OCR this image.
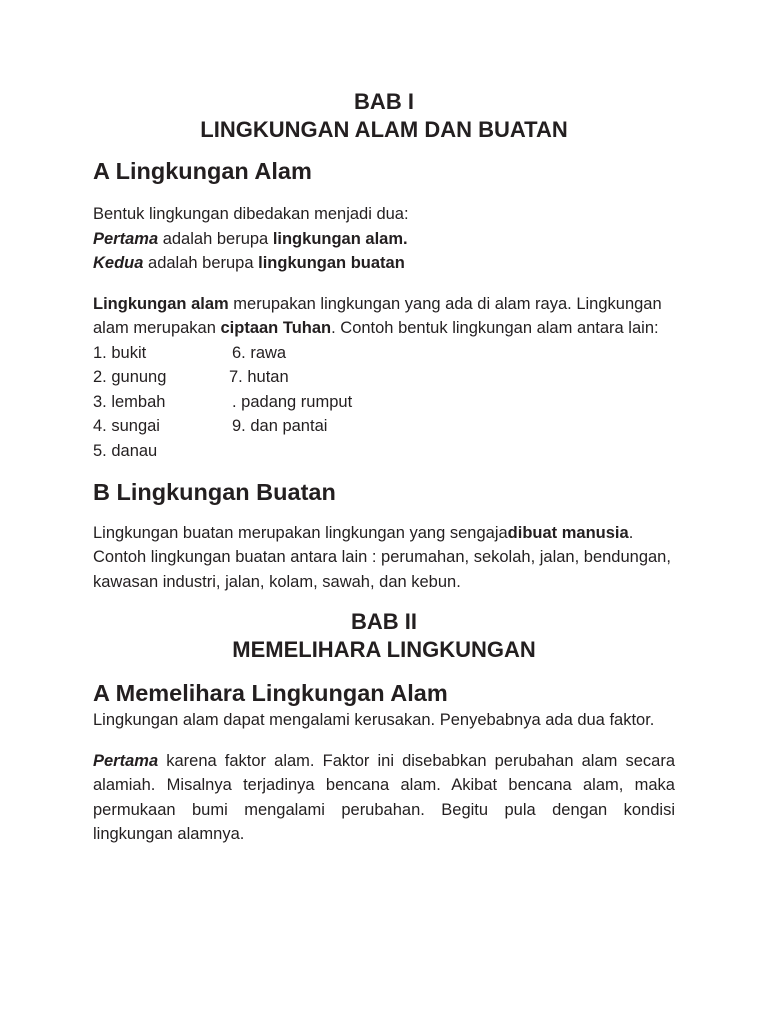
BAB I
LINGKUNGAN ALAM DAN BUATAN
A Lingkungan Alam

Bentuk lingkungan dibedakan menjadi dua:

Pertama adalah berupa lingkungan alam.

Kedua adalah berupa lingkungan buatan

Lingkungan alam merupakan lingkungan yang ada di alam raya. Lingkungan alam merupakan ciptaan Tuhan. Contoh bentuk lingkungan alam antara lain:

1. bukit
2. gunung
3. lembah
4. sungai
5. danau
6. rawa
7. hutan
. padang rumput
9. dan pantai
B Lingkungan Buatan

Lingkungan buatan merupakan lingkungan yang sengajadibuat manusia.

Contoh lingkungan buatan antara lain : perumahan, sekolah, jalan, bendungan, kawasan industri, jalan, kolam, sawah, dan kebun.

BAB II
MEMELIHARA LINGKUNGAN
A Memelihara Lingkungan Alam

Lingkungan alam dapat mengalami kerusakan. Penyebabnya ada dua faktor.

Pertama karena faktor alam. Faktor ini disebabkan perubahan alam secara alamiah. Misalnya terjadinya bencana alam. Akibat bencana alam, maka permukaan bumi mengalami perubahan. Begitu pula dengan kondisi lingkungan alamnya.
